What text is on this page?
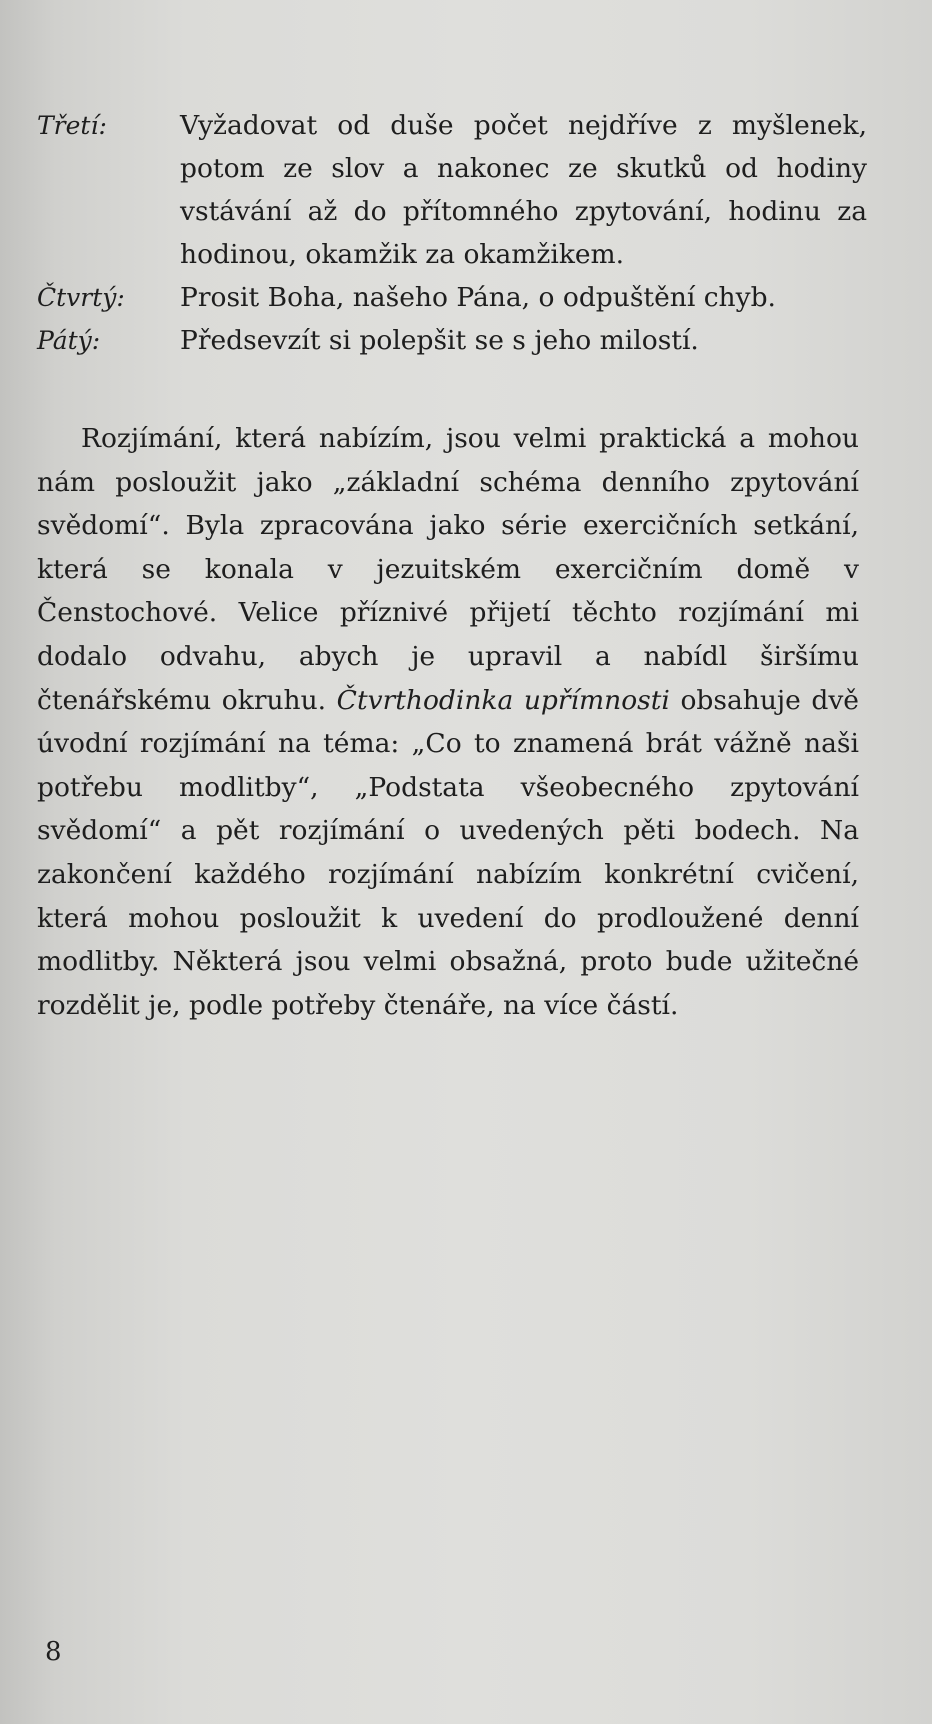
Třetí:	Vyžadovat od duše počet nejdříve z myšlenek, potom ze slov a nakonec ze skutků od hodiny vstávání až do přítomného zpytování, hodinu za hodinou, okamžik za okamžikem.
Čtvrtý:	Prosit Boha, našeho Pána, o odpuštění chyb.
Pátý:	Předsevzít si polepšit se s jeho milostí.

Rozjímání, která nabízím, jsou velmi praktická a mohou nám posloužit jako „základní schéma denního zpytování svědomí“. Byla zpracována jako série exercičních setkání, která se konala v jezuitském exercičním domě v Čenstochové. Velice příznivé přijetí těchto rozjímání mi dodalo odvahu, abych je upravil a nabídl širšímu čtenářskému okruhu. Čtvrthodinka upřímnosti obsahuje dvě úvodní rozjímání na téma: „Co to znamená brát vážně naši potřebu modlitby“, „Podstata všeobecného zpytování svědomí“ a pět rozjímání o uvedených pěti bodech. Na zakončení každého rozjímání nabízím konkrétní cvičení, která mohou posloužit k uvedení do prodloužené denní modlitby. Některá jsou velmi obsažná, proto bude užitečné rozdělit je, podle potřeby čtenáře, na více částí.

8
